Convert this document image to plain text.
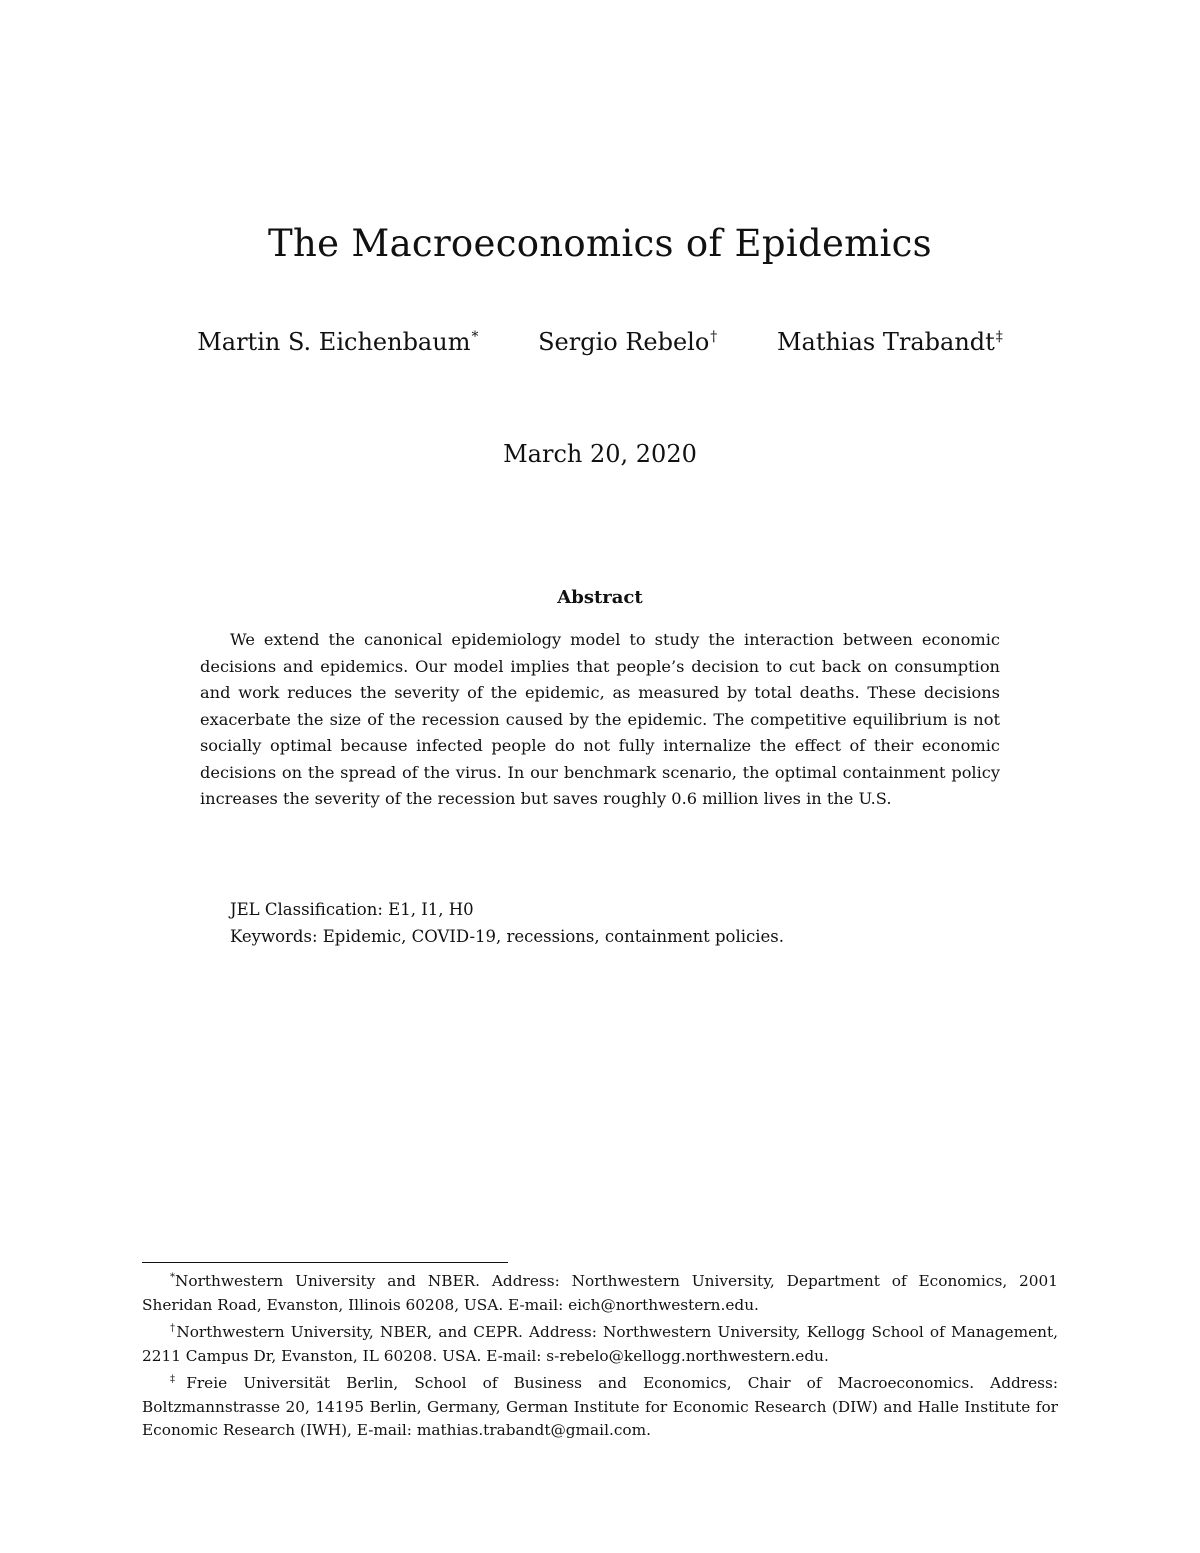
The Macroeconomics of Epidemics
Martin S. Eichenbaum* Sergio Rebelo† Mathias Trabandt‡
March 20, 2020
Abstract

We extend the canonical epidemiology model to study the interaction between economic decisions and epidemics. Our model implies that people’s decision to cut back on consumption and work reduces the severity of the epidemic, as measured by total deaths. These decisions exacerbate the size of the recession caused by the epidemic. The competitive equilibrium is not socially optimal because infected people do not fully internalize the effect of their economic decisions on the spread of the virus. In our benchmark scenario, the optimal containment policy increases the severity of the recession but saves roughly 0.6 million lives in the U.S.

JEL Classification: E1, I1, H0
Keywords: Epidemic, COVID-19, recessions, containment policies.

*Northwestern University and NBER. Address: Northwestern University, Department of Economics, 2001 Sheridan Road, Evanston, Illinois 60208, USA. E-mail: eich@northwestern.edu.

†Northwestern University, NBER, and CEPR. Address: Northwestern University, Kellogg School of Management, 2211 Campus Dr, Evanston, IL 60208. USA. E-mail: s-rebelo@kellogg.northwestern.edu.

‡Freie Universität Berlin, School of Business and Economics, Chair of Macroeconomics. Address: Boltzmannstrasse 20, 14195 Berlin, Germany, German Institute for Economic Research (DIW) and Halle Institute for Economic Research (IWH), E-mail: mathias.trabandt@gmail.com.
